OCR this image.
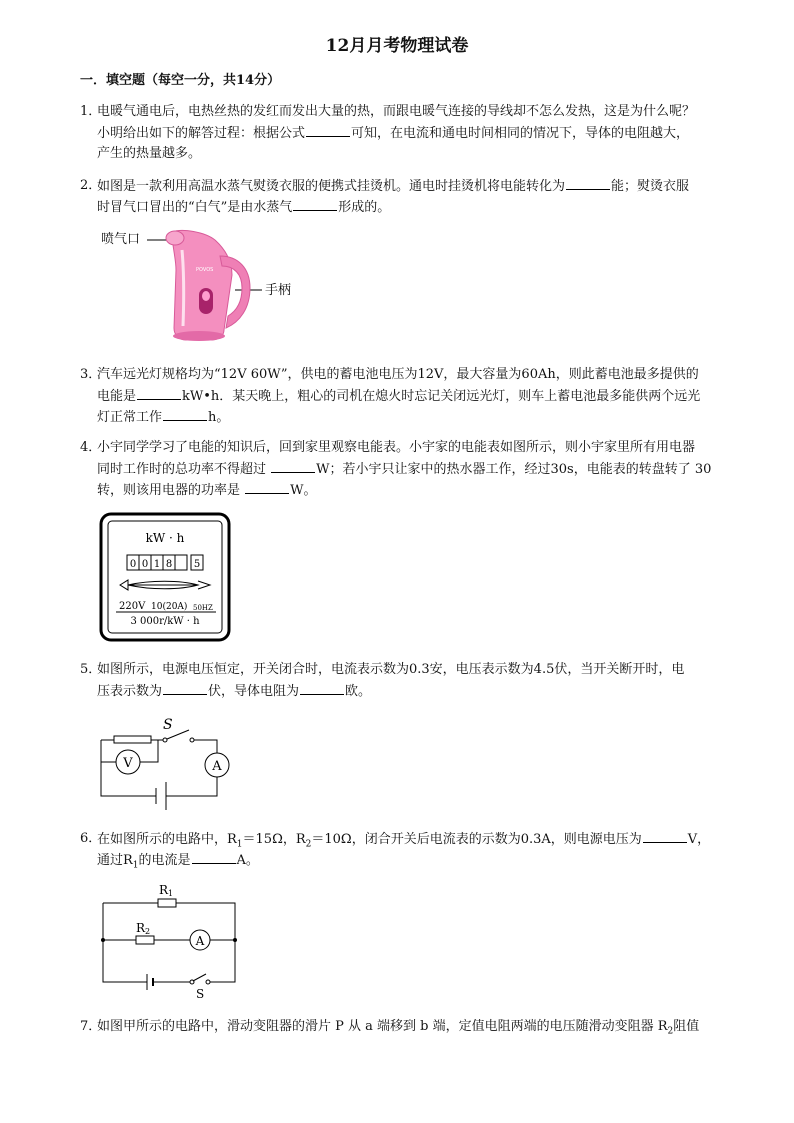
12月月考物理试卷
一．填空题（每空一分，共14分）
1．
电暖气通电后，电热丝热的发红而发出大量的热，而跟电暖气连接的导线却不怎么发热，这是为什么呢？
小明给出如下的解答过程：根据公式	可知，在电流和通电时间相同的情况下，导体的电阻越大，
产生的热量越多。
2．
如图是一款利用高温水蒸气熨烫衣服的便携式挂烫机。通电时挂烫机将电能转化为	能；熨烫衣服
时冒气口冒出的“白气”是由水蒸气	形成的。
喷气口
手柄
POVOS
3．
汽车远光灯规格均为“12V 60W”，供电的蓄电池电压为12V，最大容量为60Ah，则此蓄电池最多提供的
电能是	kW•h．某天晚上，粗心的司机在熄火时忘记关闭远光灯，则车上蓄电池最多能供两个远光
灯正常工作	h。
4．
小宇同学学习了电能的知识后，回到家里观察电能表。小宇家的电能表如图所示，则小宇家里所有用电器
同时工作时的总功率不得超过	W；若小宇只让家中的热水器工作，经过30s，电能表的转盘转了 30
转，则该用电器的功率是	W。
kW · h
0 0 1 8 5
220V 10(20A) 50HZ
3 000r/kW · h
5．
如图所示，电源电压恒定，开关闭合时，电流表示数为0.3安，电压表示数为4.5伏，当开关断开时，电
压表示数为	伏，导体电阻为	欧。
S
V	A
6．
在如图所示的电路中，$R_1=15\Omega$，$R_2=10\Omega$，闭合开关后电流表的示数为0.3A，则电源电压为	V，
通过$R_1$的电流是	A。
R1
R2
A
S
7．
如图甲所示的电路中，滑动变阻器的滑片 P 从 a 端移到 b 端，定值电阻两端的电压随滑动变阻器 $R_2$阻值
